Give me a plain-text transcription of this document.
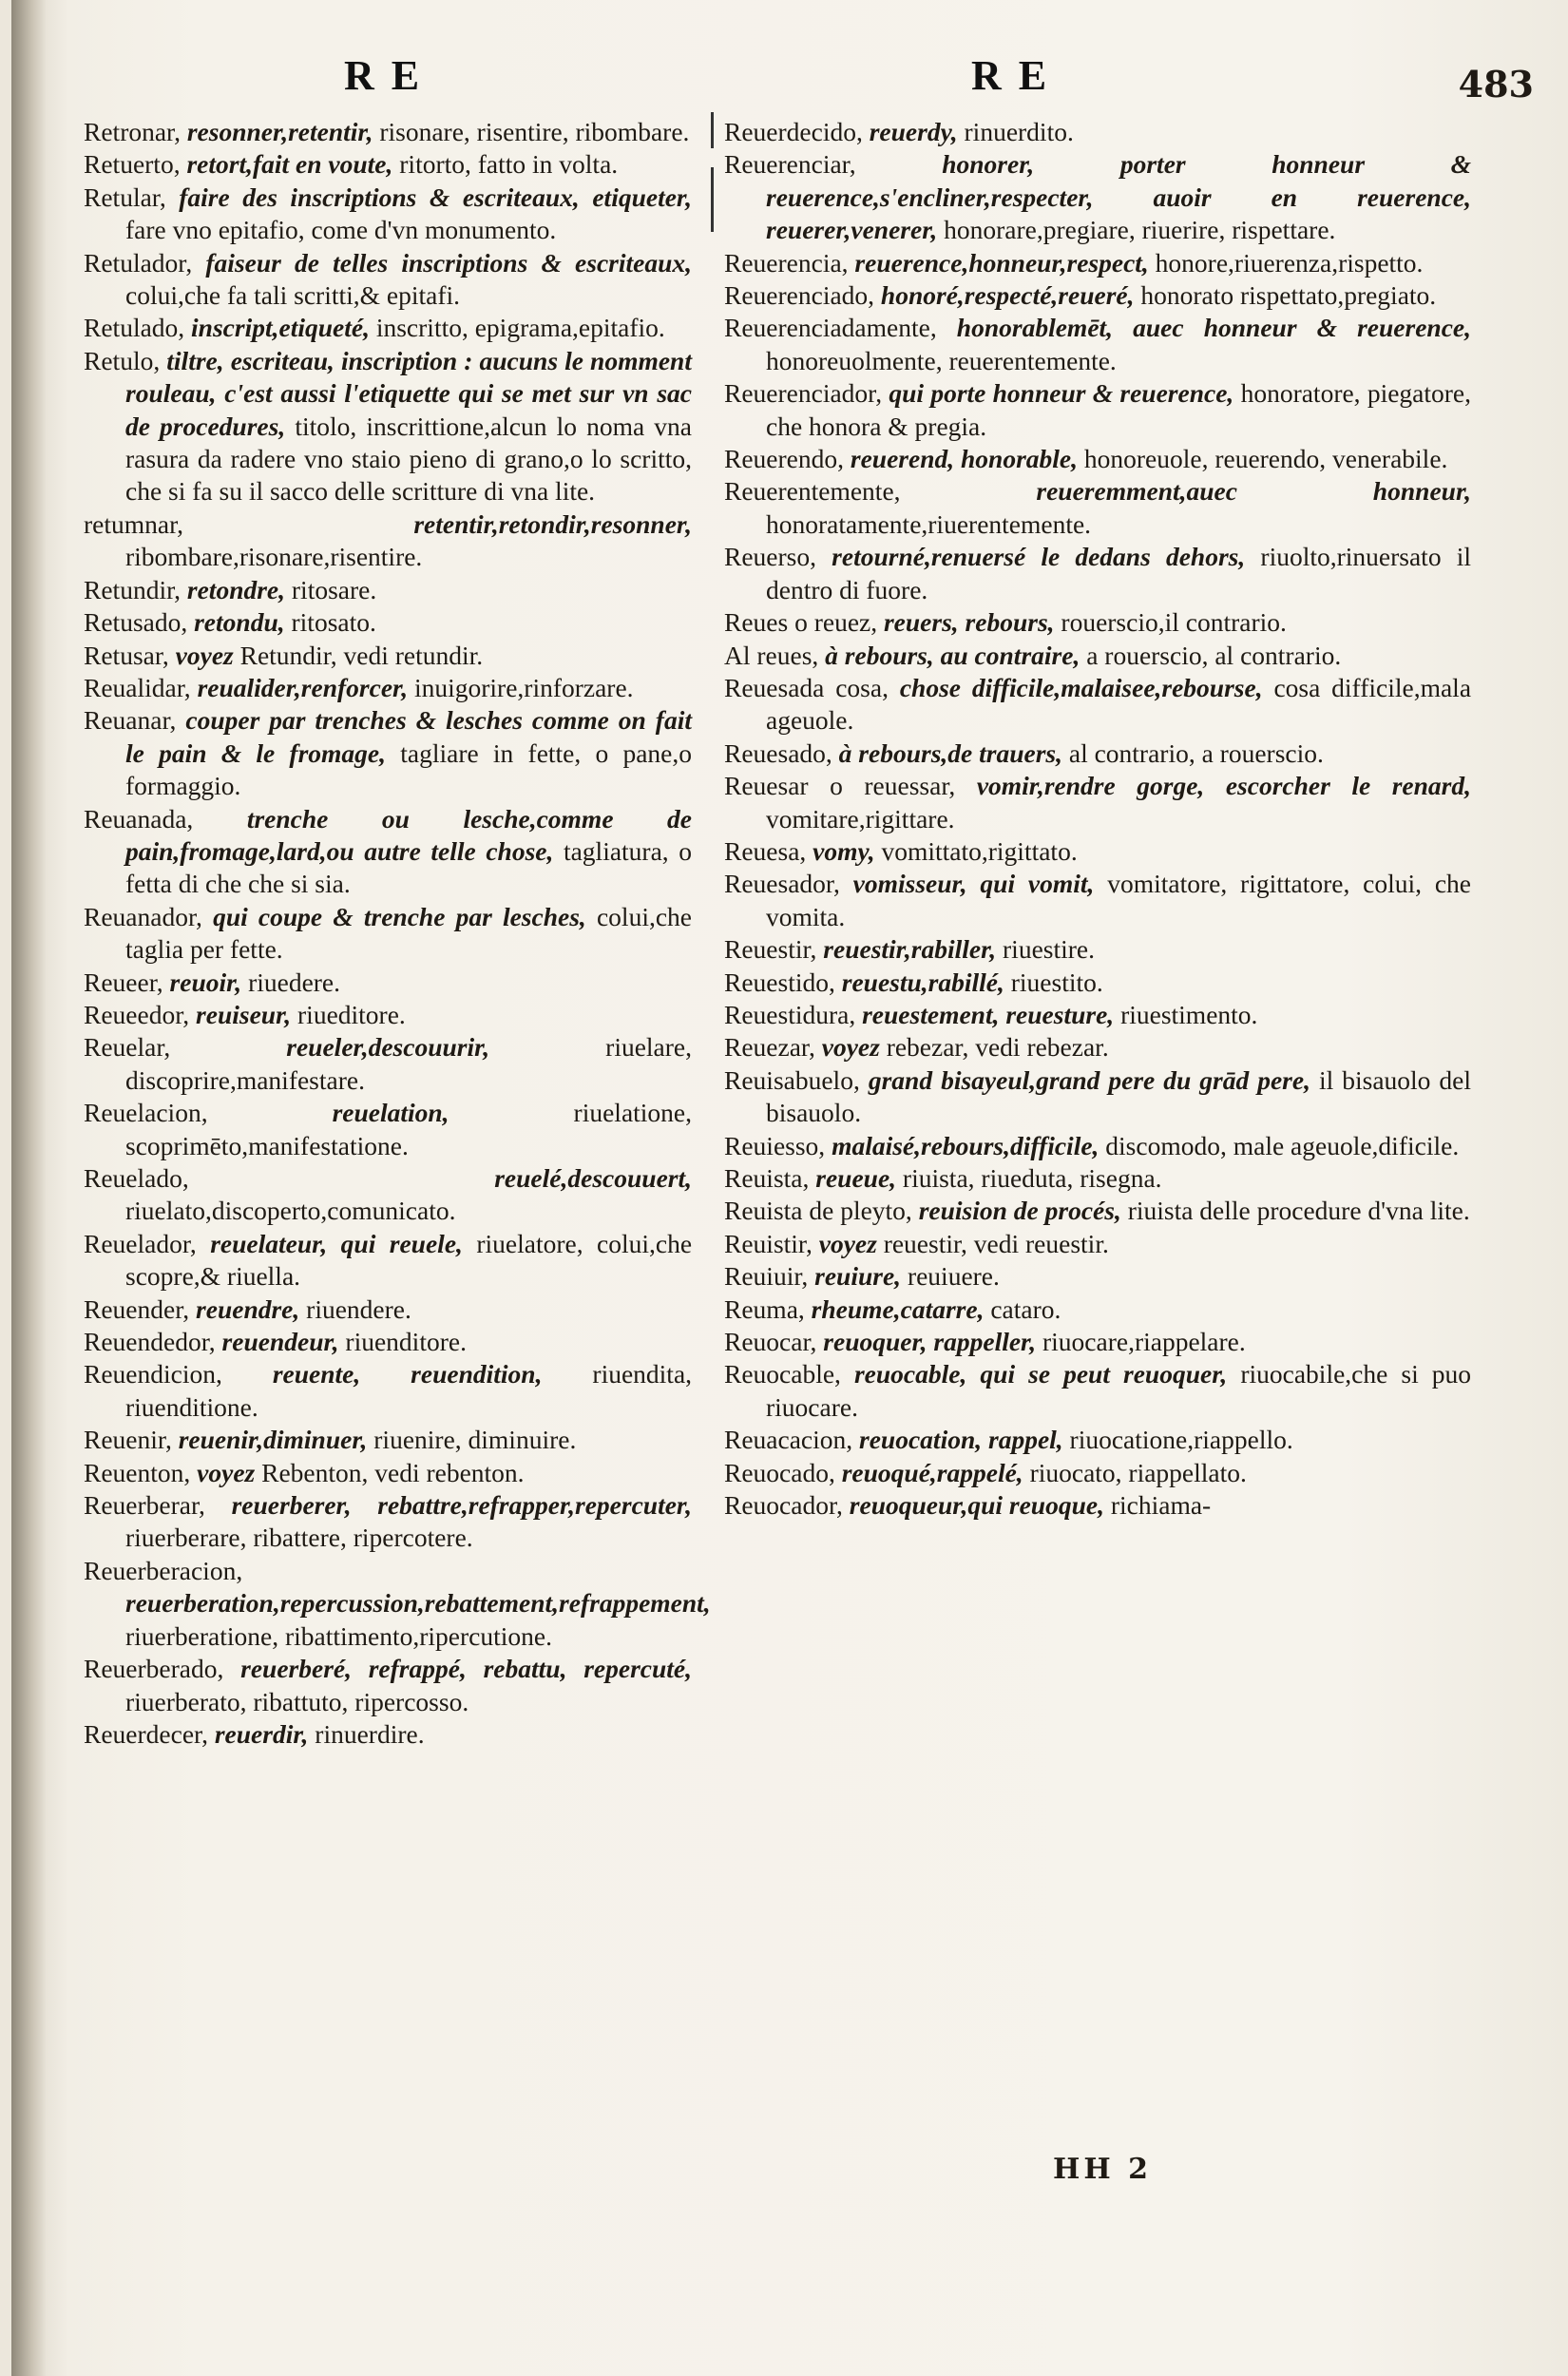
RE	RE	483

Retronar, resonner,retentir, risonare, risentire, ribombare.

Retuerto, retort,fait en voute, ritorto, fatto in volta.

Retular, faire des inscriptions & escriteaux, etiqueter, fare vno epitafio, come d'vn monumento.

Retulador, faiseur de telles inscriptions & escriteaux, colui,che fa tali scritti,& epitafi.

Retulado, inscript,etiqueté, inscritto, epigrama,epitafio.

Retulo, tiltre, escriteau, inscription : aucuns le nomment rouleau, c'est aussi l'etiquette qui se met sur vn sac de procedures, titolo, inscrittione,alcun lo noma vna rasura da radere vno staio pieno di grano,o lo scritto, che si fa su il sacco delle scritture di vna lite.

retumnar,	retentir,retondir,resonner, ribombare,risonare,risentire.

Retundir, retondre, ritosare.

Retusado, retondu, ritosato.

Retusar, voyez Retundir, vedi retundir.

Reualidar, reualider,renforcer, inuigorire,rinforzare.

Reuanar, couper par trenches & lesches comme on fait le pain & le fromage, tagliare in fette, o pane,o formaggio.

Reuanada, trenche ou lesche,comme de pain,fromage,lard,ou autre telle chose, tagliatura, o fetta di che che si sia.

Reuanador, qui coupe & trenche par lesches, colui,che taglia per fette.

Reueer, reuoir, riuedere.

Reueedor, reuiseur, riueditore.

Reuelar,	reueler,descouurir,	riuelare, discoprire,manifestare.

Reuelacion,	reuelation,	riuelatione, scoprimēto,manifestatione.

Reuelado,	reuelé,descouuert, riuelato,discoperto,comunicato.

Reuelador, reuelateur, qui reuele, riuelatore, colui,che scopre,& riuella.

Reuender, reuendre, riuendere.

Reuendedor, reuendeur, riuenditore.

Reuendicion, reuente, reuendition, riuendita, riuenditione.

Reuenir, reuenir,diminuer, riuenire, diminuire.

Reuenton, voyez Rebenton, vedi rebenton.

Reuerberar, reuerberer, rebattre,refrapper,repercuter, riuerberare, ribattere, ripercotere.

Reuerberacion, reuerberation,repercussion,rebattement,refrappement, riuerberatione, ribattimento,ripercutione.

Reuerberado, reuerberé, refrappé, rebattu, repercuté, riuerberato, ribattuto, ripercosso.

Reuerdecer, reuerdir, rinuerdire.

Reuerdecido, reuerdy, rinuerdito.

Reuerenciar,	honorer, porter honneur & reuerence,s'encliner,respecter, auoir en reuerence, reuerer,venerer, honorare,pregiare, riuerire, rispettare.

Reuerencia, reuerence,honneur,respect, honore,riuerenza,rispetto.

Reuerenciado, honoré,respecté,reueré, honorato rispettato,pregiato.

Reuerenciadamente, honorablemēt, auec honneur & reuerence, honoreuolmente, reuerentemente.

Reuerenciador, qui porte honneur & reuerence, honoratore, piegatore, che honora & pregia.

Reuerendo, reuerend, honorable, honoreuole, reuerendo, venerabile.

Reuerentemente,	reueremment,auec honneur, honoratamente,riuerentemente.

Reuerso, retourné,renuersé le dedans dehors, riuolto,rinuersato il dentro di fuore.

Reues o reuez, reuers, rebours, rouerscio,il contrario.

Al reues, à rebours, au contraire, a rouerscio, al contrario.

Reuesada cosa, chose difficile,malaisee,rebourse, cosa difficile,mala ageuole.

Reuesado, à rebours,de trauers, al contrario, a rouerscio.

Reuesar o reuessar, vomir,rendre gorge, escorcher le renard, vomitare,rigittare.

Reuesa, vomy, vomittato,rigittato.

Reuesador, vomisseur, qui vomit, vomitatore, rigittatore, colui, che vomita.

Reuestir, reuestir,rabiller, riuestire.

Reuestido, reuestu,rabillé, riuestito.

Reuestidura, reuestement, reuesture, riuestimento.

Reuezar, voyez rebezar, vedi rebezar.

Reuisabuelo, grand bisayeul,grand pere du grād pere, il bisauolo del bisauolo.

Reuiesso, malaisé,rebours,difficile, discomodo, male ageuole,dificile.

Reuista, reueue, riuista, riueduta, risegna.

Reuista de pleyto, reuision de procés, riuista delle procedure d'vna lite.

Reuistir, voyez reuestir, vedi reuestir.

Reuiuir, reuiure, reuiuere.

Reuma, rheume,catarre, cataro.

Reuocar, reuoquer, rappeller, riuocare,riappelare.

Reuocable, reuocable, qui se peut reuoquer, riuocabile,che si puo riuocare.

Reuacacion, reuocation, rappel, riuocatione,riappello.

Reuocado, reuoqué,rappelé, riuocato, riappellato.

Reuocador, reuoqueur,qui reuoque, richiama-

HH 2
